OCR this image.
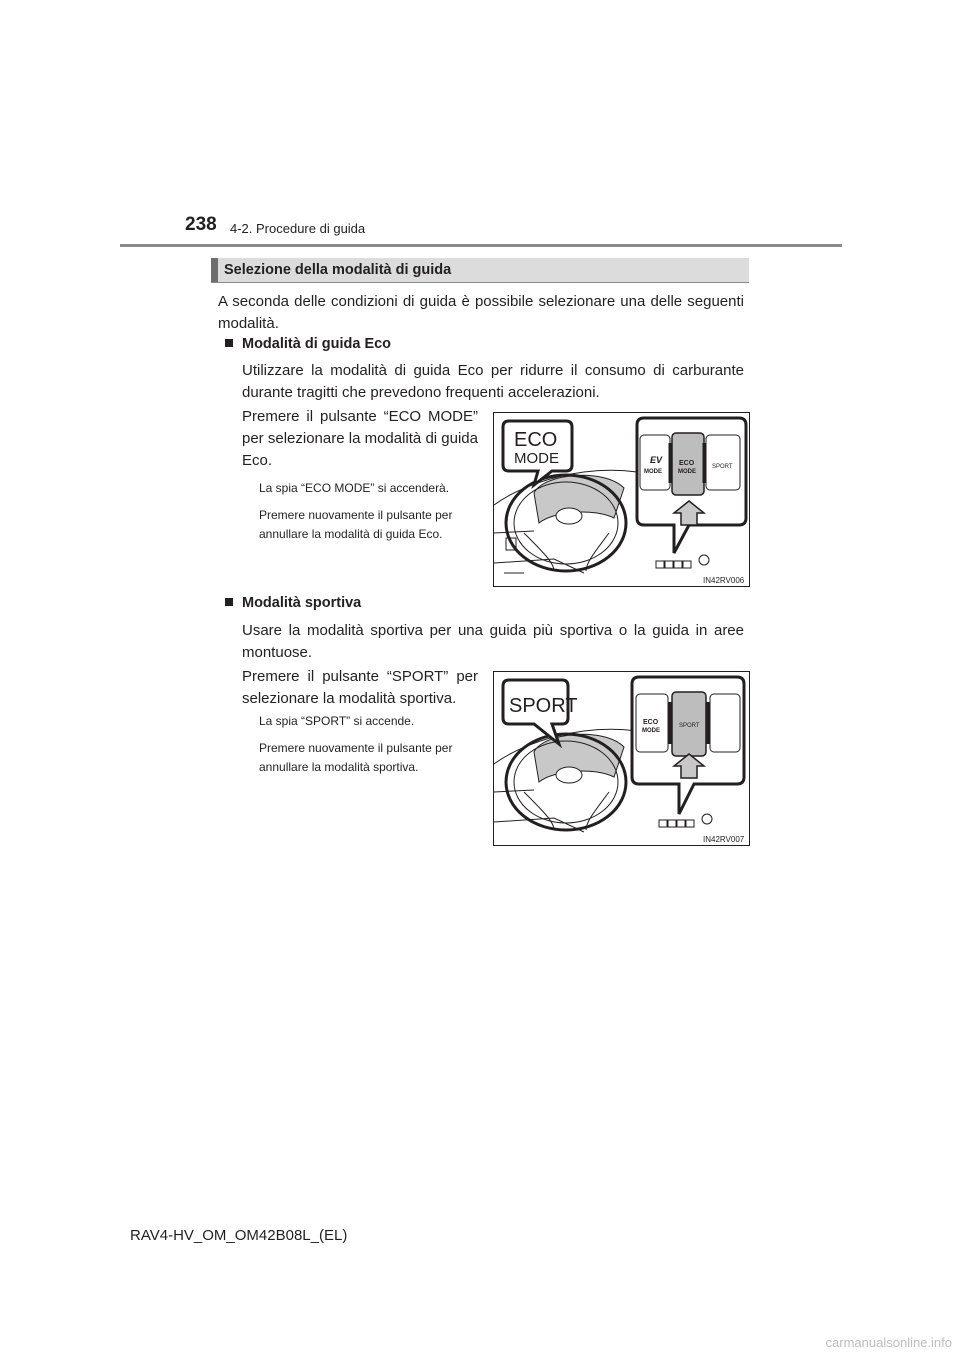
238 4-2. Procedure di guida
Selezione della modalità di guida
A seconda delle condizioni di guida è possibile selezionare una delle seguenti modalità.
Modalità di guida Eco
Utilizzare la modalità di guida Eco per ridurre il consumo di carburante durante tragitti che prevedono frequenti accelerazioni.
Premere il pulsante “ECO MODE” per selezionare la modalità di guida Eco.
La spia “ECO MODE” si accenderà.
Premere nuovamente il pulsante per annullare la modalità di guida Eco.
ECO
MODE	EV
MODE
ECO
MODE
SPORT
IN42RV006
Modalità sportiva
Usare la modalità sportiva per una guida più sportiva o la guida in aree montuose.
Premere il pulsante “SPORT” per selezionare la modalità sportiva.
La spia “SPORT” si accende.
Premere nuovamente il pulsante per annullare la modalità sportiva.
SPORT
ECO
MODE
SPORT
IN42RV007
RAV4-HV_OM_OM42B08L_(EL)
carmanualsonline.info
